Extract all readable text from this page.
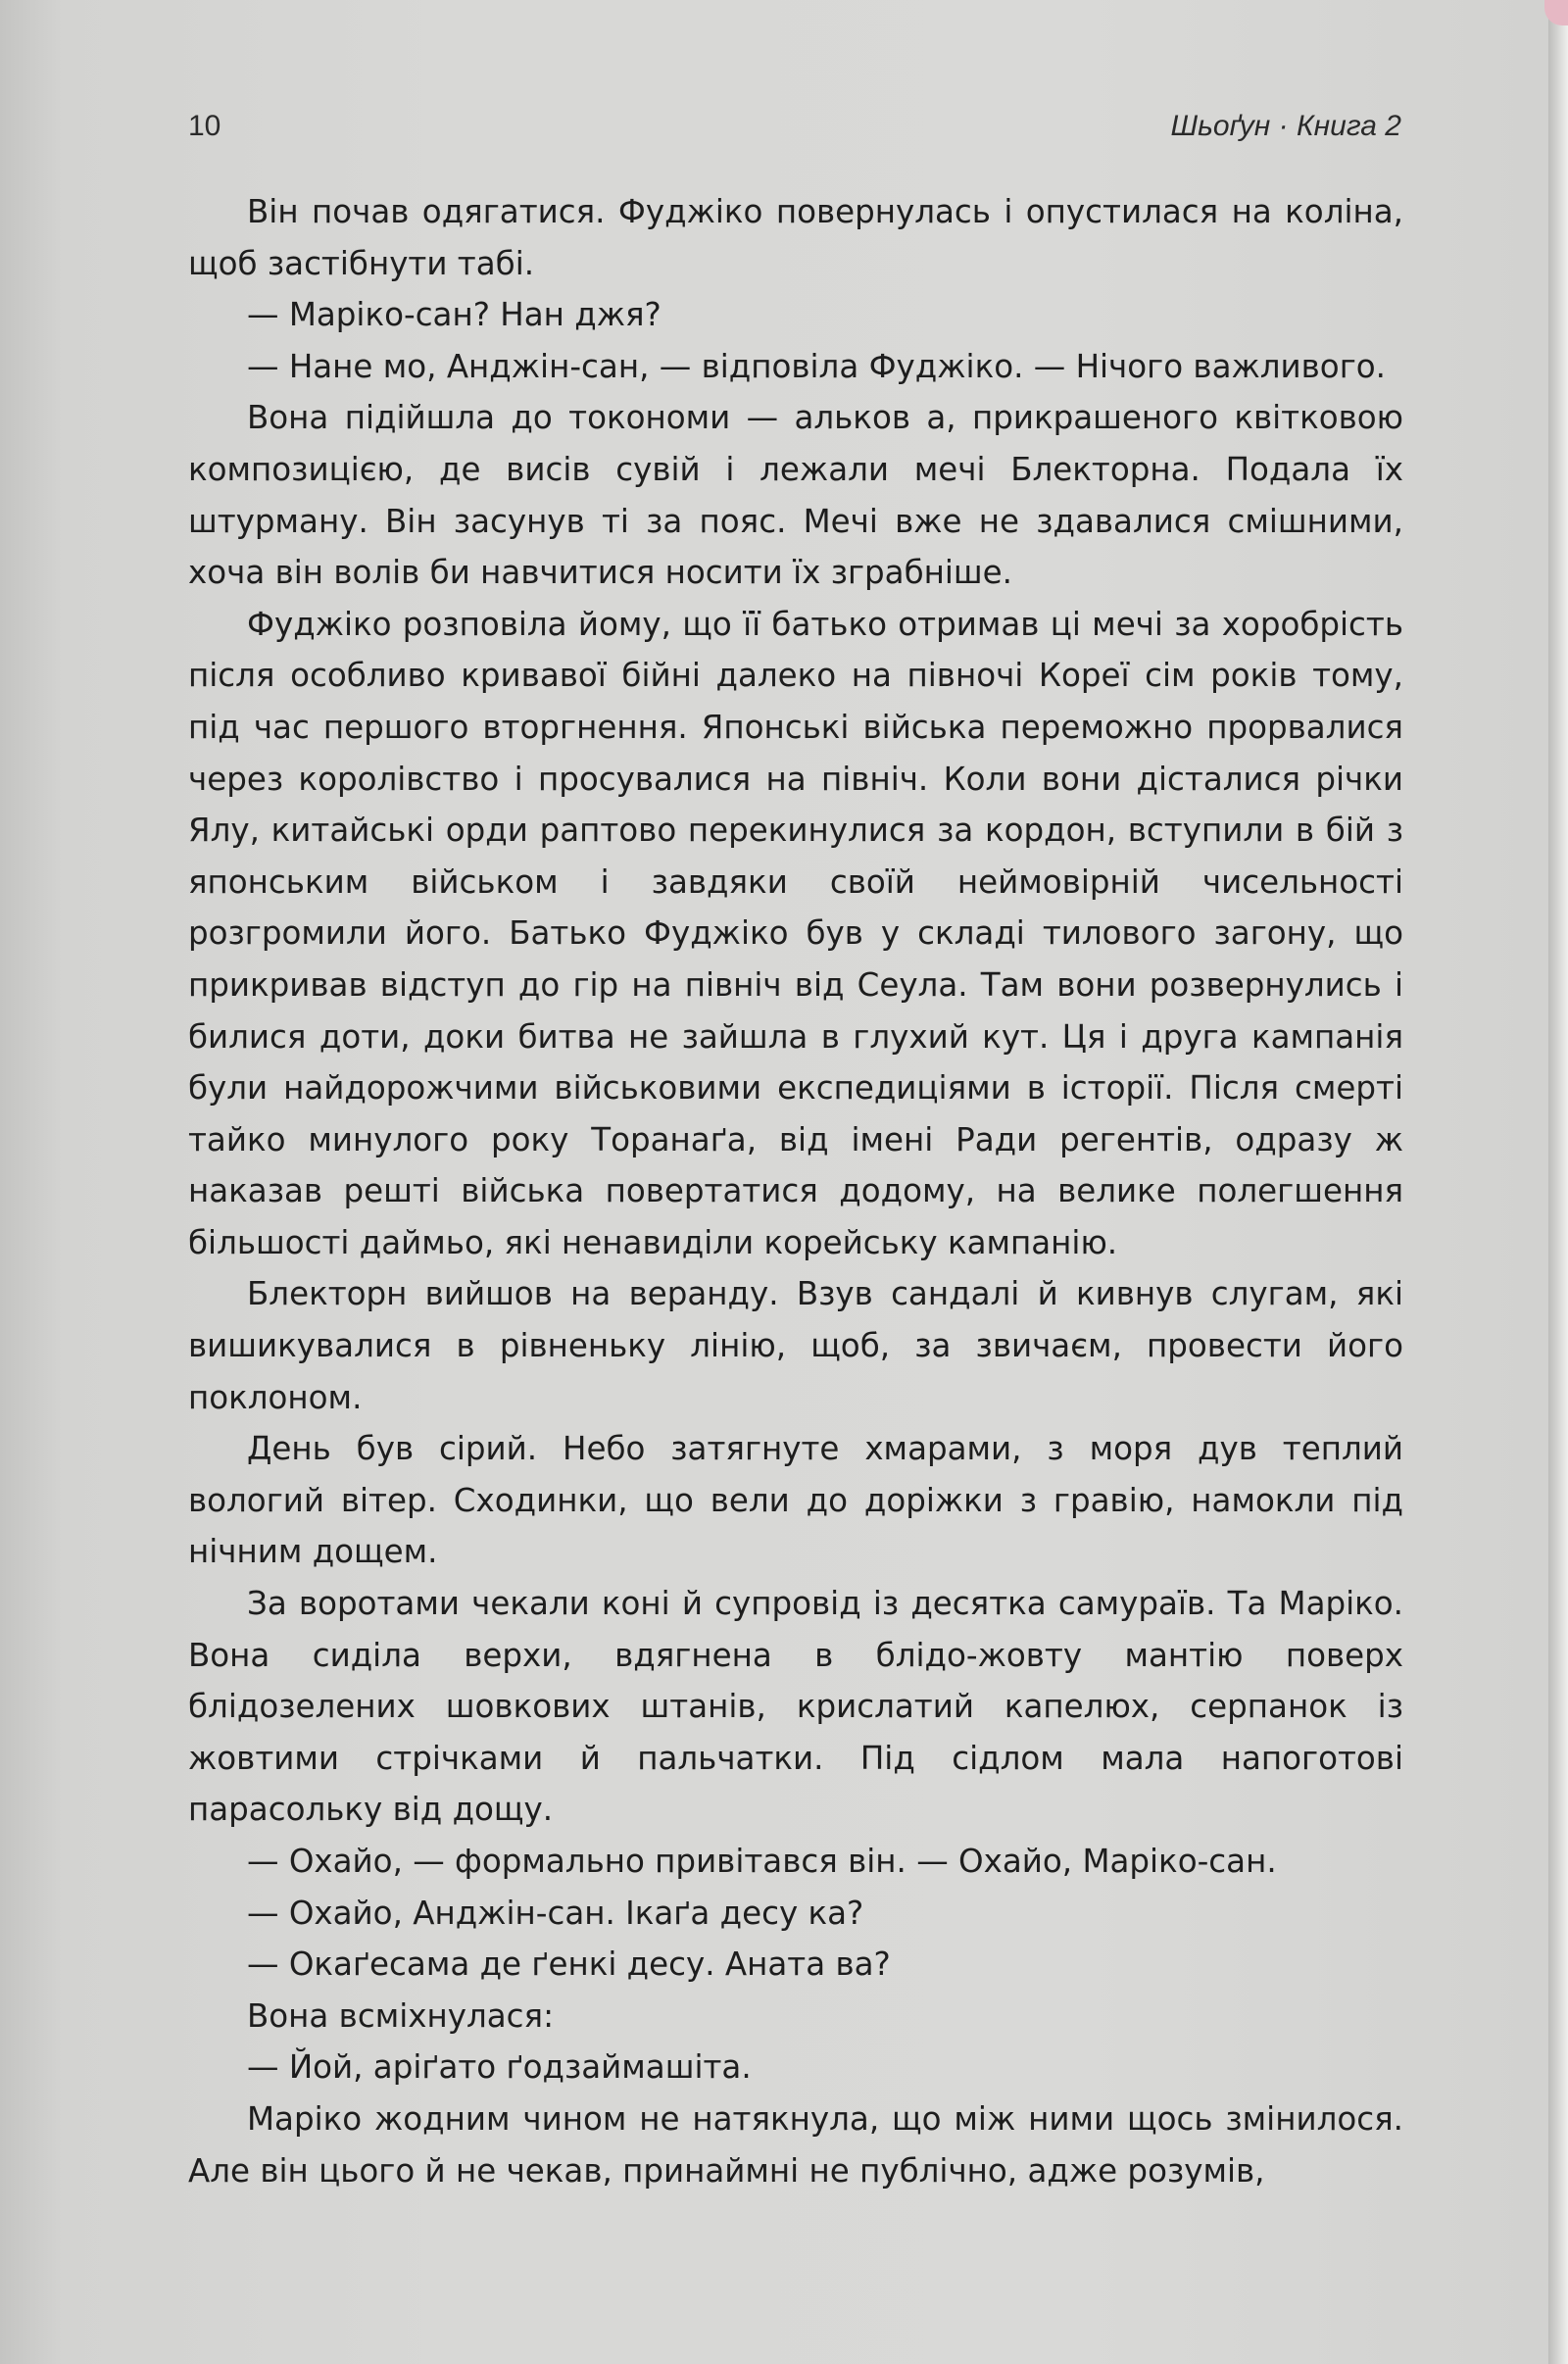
10	Шьоґун · Книга 2

Він почав одягатися. Фуджіко повернулась і опустилася на коліна, щоб застібнути табі.

— Маріко-сан? Нан джя?

— Нане мо, Анджін-сан, — відповіла Фуджіко. — Нічого важливого.

Вона підійшла до токономи — альков а, прикрашеного квітковою композицією, де висів сувій і лежали мечі Блекторна. Подала їх штурману. Він засунув ті за пояс. Мечі вже не здавалися смішними, хоча він волів би навчитися носити їх зграбніше.

Фуджіко розповіла йому, що її батько отримав ці мечі за хоробрість після особливо кривавої бійні далеко на півночі Кореї сім років тому, під час першого вторгнення. Японські війська переможно прорвалися через королівство і просувалися на північ. Коли вони дісталися річки Ялу, китайські орди раптово перекинулися за кордон, вступили в бій з японським військом і завдяки своїй неймовірній чисельності розгромили його. Батько Фуджіко був у складі тилового загону, що прикривав відступ до гір на північ від Сеула. Там вони розвернулись і билися доти, доки битва не зайшла в глухий кут. Ця і друга кампанія були найдорожчими військовими експедиціями в історії. Після смерті тайко минулого року Торанаґа, від імені Ради регентів, одразу ж наказав решті війська повертатися додому, на велике полегшення більшості даймьо, які ненавиділи корейську кампанію.

Блекторн вийшов на веранду. Взув сандалі й кивнув слугам, які вишикувалися в рівненьку лінію, щоб, за звичаєм, провести його поклоном.

День був сірий. Небо затягнуте хмарами, з моря дув теплий вологий вітер. Сходинки, що вели до доріжки з гравію, намокли під нічним дощем.

За воротами чекали коні й супровід із десятка самураїв. Та Маріко. Вона сиділа верхи, вдягнена в блідо-жовту мантію поверх блідозелених шовкових штанів, крислатий капелюх, серпанок із жовтими стрічками й пальчатки. Під сідлом мала напоготові парасольку від дощу.

— Охайо, — формально привітався він. — Охайо, Маріко-сан.

— Охайо, Анджін-сан. Ікаґа десу ка?

— Окаґесама де ґенкі десу. Аната ва?

Вона всміхнулася:

— Йой, аріґато ґодзаймашіта.

Маріко жодним чином не натякнула, що між ними щось змінилося. Але він цього й не чекав, принаймні не публічно, адже розумів,
